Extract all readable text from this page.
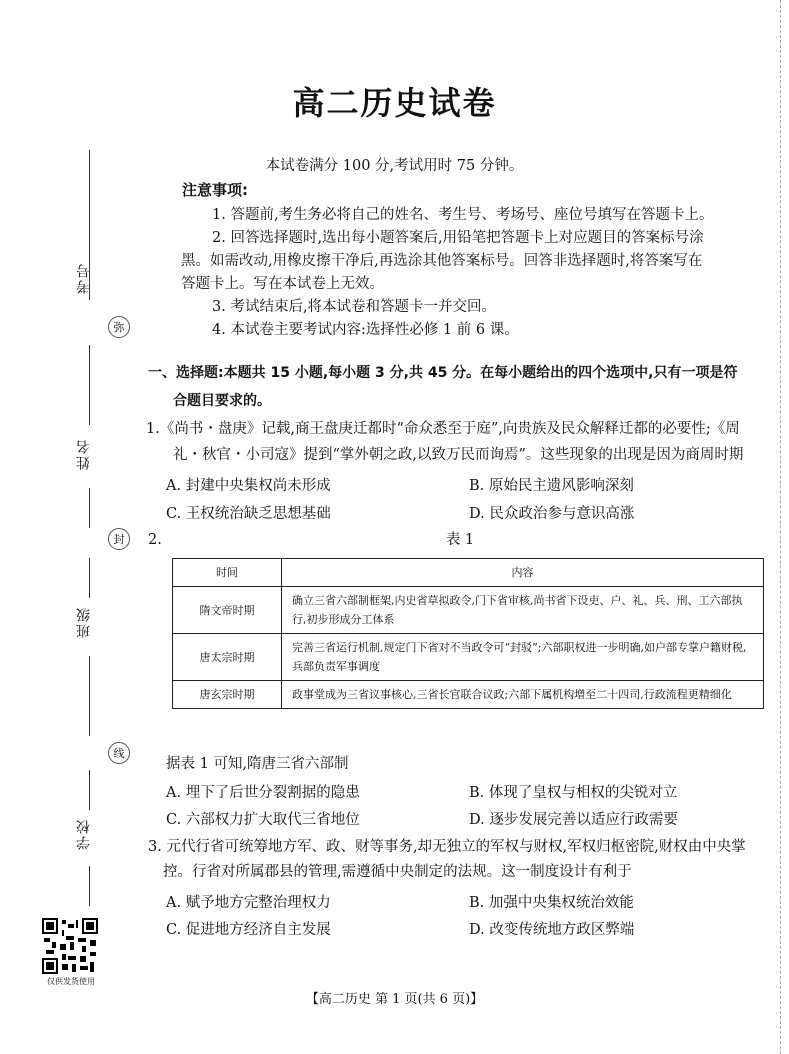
考号
弥
姓名
封
班级
线
学校
仅供发货使用
高二历史试卷
本试卷满分 100 分,考试用时 75 分钟。
注意事项:
1. 答题前,考生务必将自己的姓名、考生号、考场号、座位号填写在答题卡上。
2. 回答选择题时,选出每小题答案后,用铅笔把答题卡上对应题目的答案标号涂
黑。如需改动,用橡皮擦干净后,再选涂其他答案标号。回答非选择题时,将答案写在
答题卡上。写在本试卷上无效。
3. 考试结束后,将本试卷和答题卡一并交回。
4. 本试卷主要考试内容:选择性必修 1 前 6 课。
一、选择题:本题共 15 小题,每小题 3 分,共 45 分。在每小题给出的四个选项中,只有一项是符
合题目要求的。
1.《尚书・盘庚》记载,商王盘庚迁都时“命众悉至于庭”,向贵族及民众解释迁都的必要性;《周
礼・秋官・小司寇》提到“掌外朝之政,以致万民而询焉”。这些现象的出现是因为商周时期
A. 封建中央集权尚未形成	B. 原始民主遗风影响深刻
C. 王权统治缺乏思想基础	D. 民众政治参与意识高涨
2.	表 1
时间	内容
隋文帝时期	确立三省六部制框架,内史省草拟政令,门下省审核,尚书省下设吏、户、礼、兵、刑、工六部执行,初步形成分工体系
唐太宗时期	完善三省运行机制,规定门下省对不当政令可“封驳”;六部职权进一步明确,如户部专掌户籍财税,兵部负责军事调度
唐玄宗时期	政事堂成为三省议事核心,三省长官联合议政;六部下属机构增至二十四司,行政流程更精细化
据表 1 可知,隋唐三省六部制
A. 埋下了后世分裂割据的隐患	B. 体现了皇权与相权的尖锐对立
C. 六部权力扩大取代三省地位	D. 逐步发展完善以适应行政需要
3. 元代行省可统筹地方军、政、财等事务,却无独立的军权与财权,军权归枢密院,财权由中央掌
控。行省对所属郡县的管理,需遵循中央制定的法规。这一制度设计有利于
A. 赋予地方完整治理权力	B. 加强中央集权统治效能
C. 促进地方经济自主发展	D. 改变传统地方政区弊端
【高二历史 第 1 页(共 6 页)】
